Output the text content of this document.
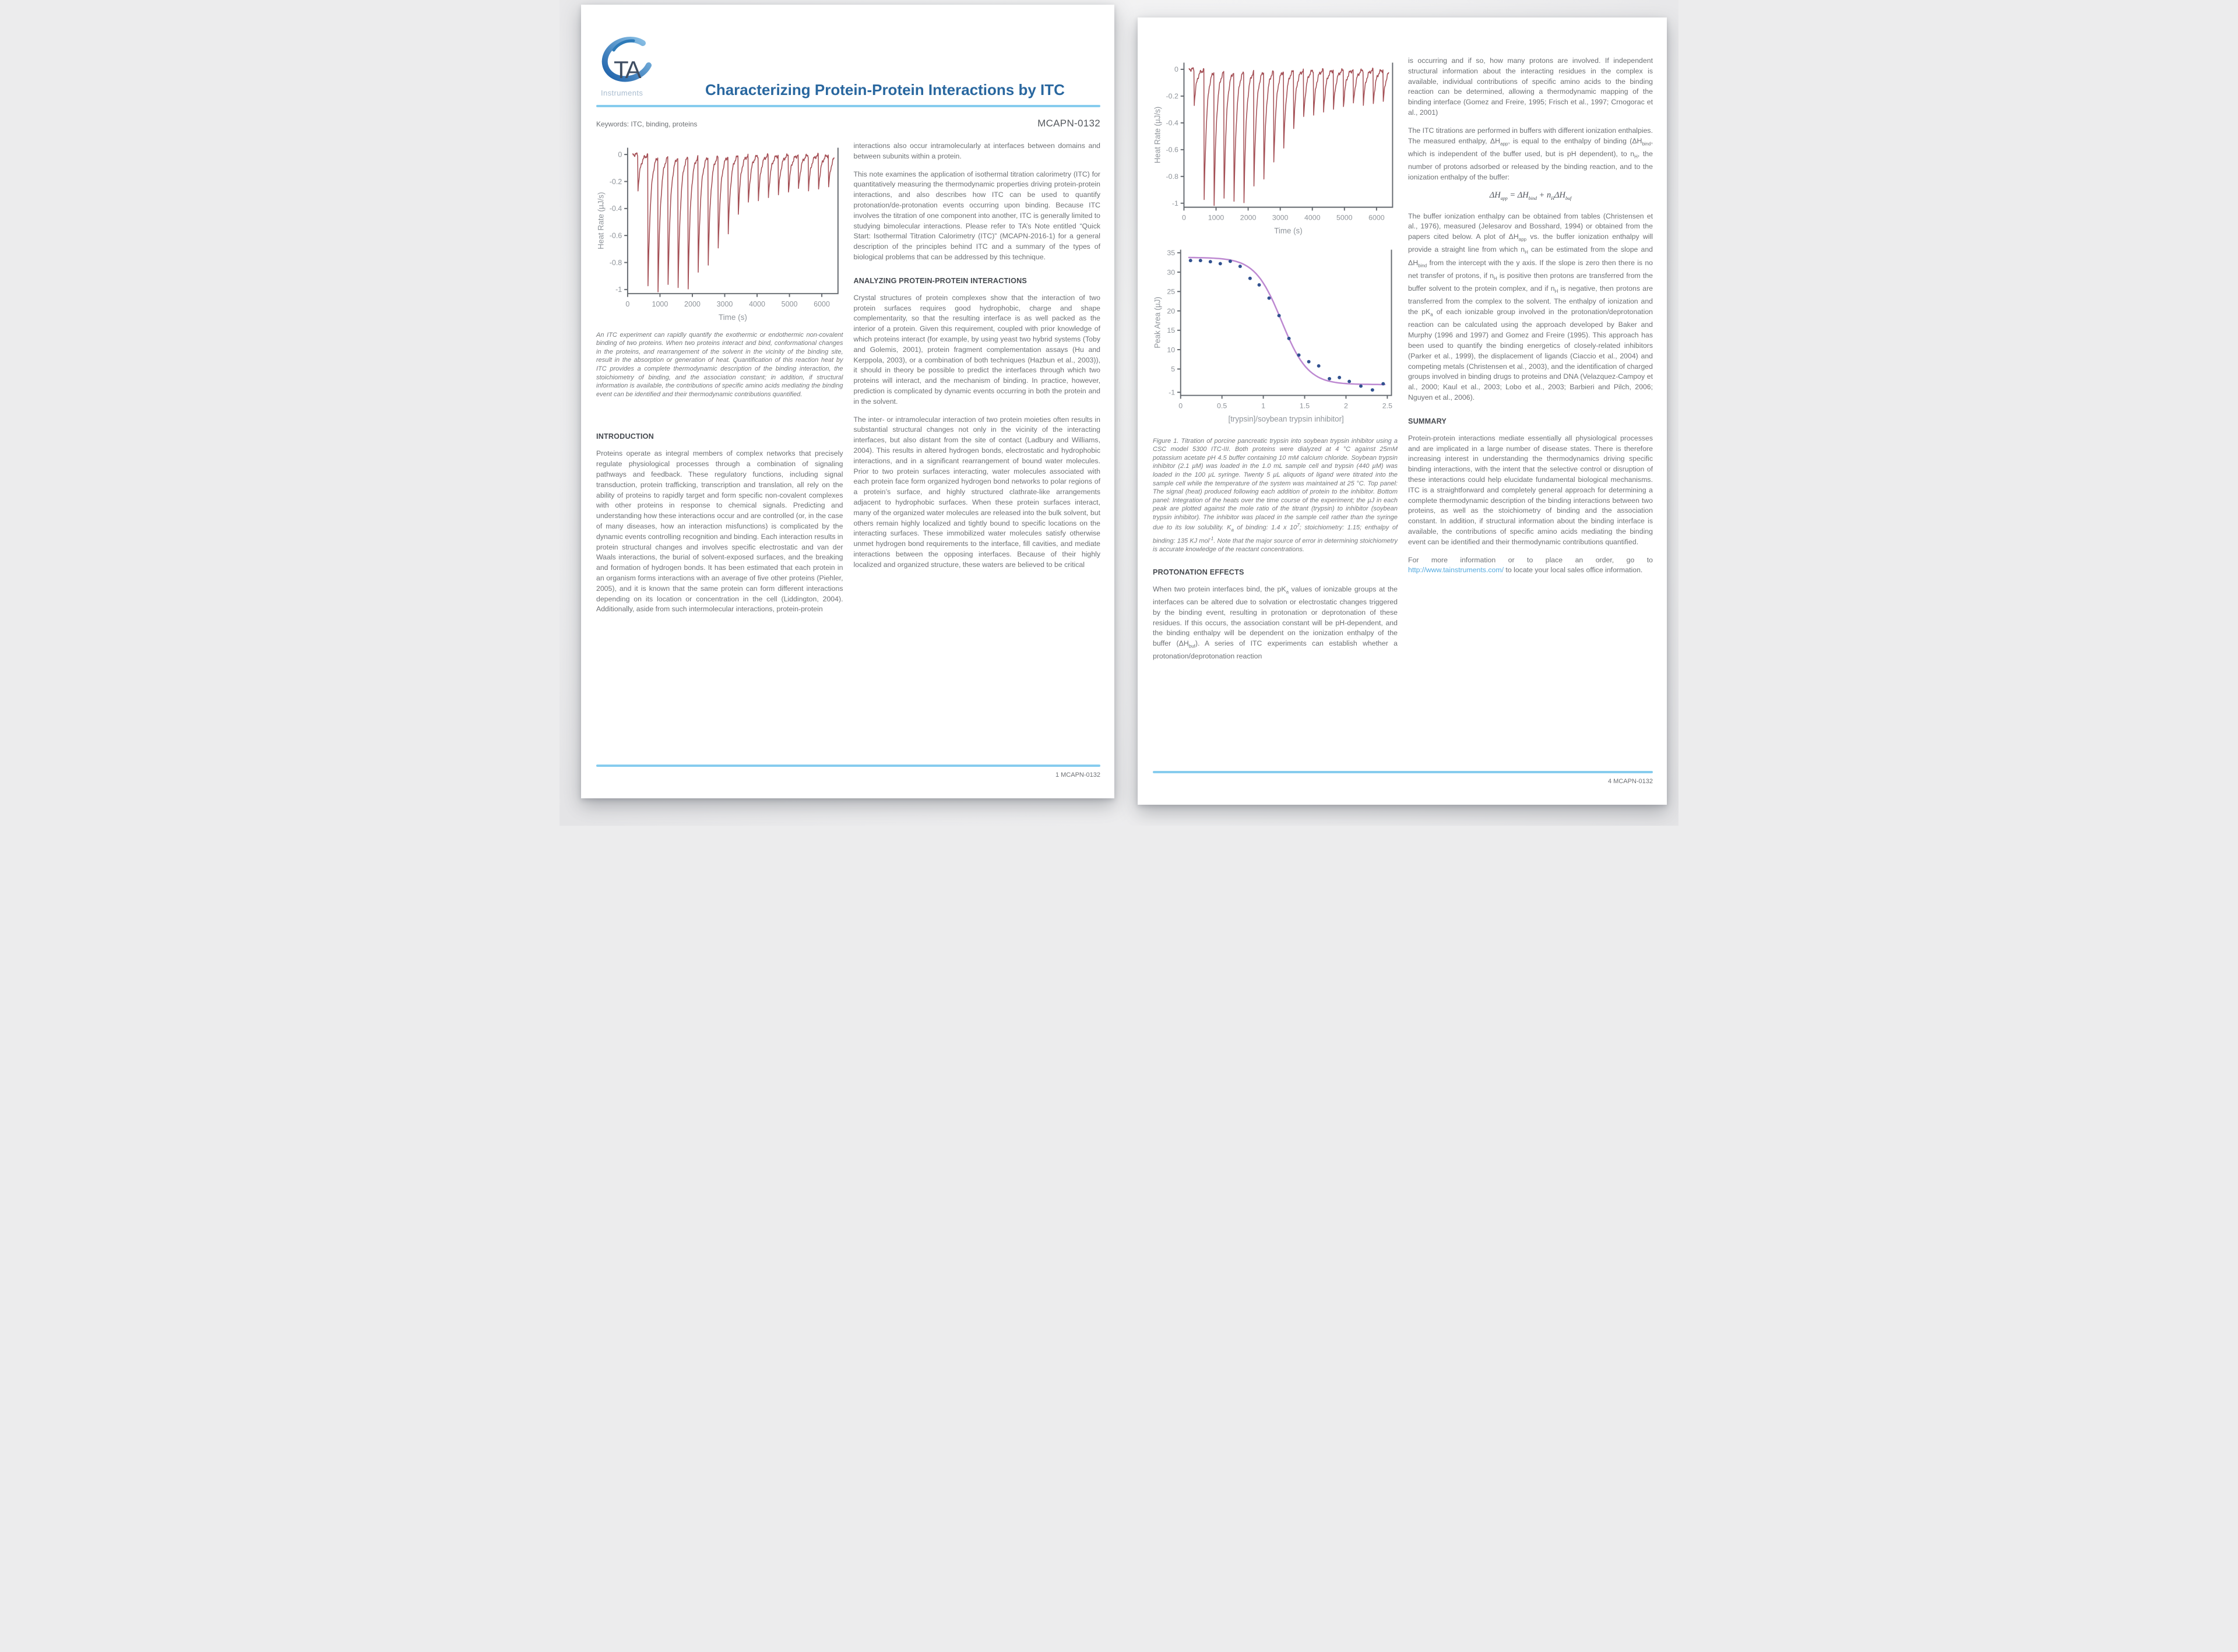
TA
Instruments	Characterizing Protein-Protein Interactions by ITC
Keywords: ITC, binding, proteins	MCAPN-0132
0	1000 2000 3000 4000 5000 6000
0
-0.2
-0.4
-0.6
-0.8
-1
Time (s)
Heat Rate (µJ/s)

An ITC experiment can rapidly quantify the exothermic or endothermic non-covalent binding of two proteins. When two proteins interact and bind, conformational changes in the proteins, and rearrangement of the solvent in the vicinity of the binding site, result in the absorption or generation of heat. Quantification of this reaction heat by ITC provides a complete thermodynamic description of the binding interaction, the stoichiometry of binding, and the association constant; in addition, if structural information is available, the contributions of specific amino acids mediating the binding event can be identified and their thermodynamic contributions quantified.

INTRODUCTION

Proteins operate as integral members of complex networks that precisely regulate physiological processes through a combination of signaling pathways and feedback. These regulatory functions, including signal transduction, protein trafficking, transcription and translation, all rely on the ability of proteins to rapidly target and form specific non-covalent complexes with other proteins in response to chemical signals. Predicting and understanding how these interactions occur and are controlled (or, in the case of many diseases, how an interaction misfunctions) is complicated by the dynamic events controlling recognition and binding. Each interaction results in protein structural changes and involves specific electrostatic and van der Waals interactions, the burial of solvent-exposed surfaces, and the breaking and formation of hydrogen bonds. It has been estimated that each protein in an organism forms interactions with an average of five other proteins (Piehler, 2005), and it is known that the same protein can form different interactions depending on its location or concentration in the cell (Liddington, 2004). Additionally, aside from such intermolecular interactions, protein-protein

interactions also occur intramolecularly at interfaces between domains and between subunits within a protein.

This note examines the application of isothermal titration calorimetry (ITC) for quantitatively measuring the thermodynamic properties driving protein-protein interactions, and also describes how ITC can be used to quantify protonation/de-protonation events occurring upon binding. Because ITC involves the titration of one component into another, ITC is generally limited to studying bimolecular interactions. Please refer to TA’s Note entitled “Quick Start: Isothermal Titration Calorimetry (ITC)” (MCAPN-2016-1) for a general description of the principles behind ITC and a summary of the types of biological problems that can be addressed by this technique.

ANALYZING PROTEIN-PROTEIN INTERACTIONS

Crystal structures of protein complexes show that the interaction of two protein surfaces requires good hydrophobic, charge and shape complementarity, so that the resulting interface is as well packed as the interior of a protein. Given this requirement, coupled with prior knowledge of which proteins interact (for example, by using yeast two hybrid systems (Toby and Golemis, 2001), protein fragment complementation assays (Hu and Kerppola, 2003), or a combination of both techniques (Hazbun et al., 2003)), it should in theory be possible to predict the interfaces through which two proteins will interact, and the mechanism of binding. In practice, however, prediction is complicated by dynamic events occurring in both the protein and in the solvent.

The inter- or intramolecular interaction of two protein moieties often results in substantial structural changes not only in the vicinity of the interacting interfaces, but also distant from the site of contact (Ladbury and Williams, 2004). This results in altered hydrogen bonds, electrostatic and hydrophobic interactions, and in a significant rearrangement of bound water molecules. Prior to two protein surfaces interacting, water molecules associated with each protein face form organized hydrogen bond networks to polar regions of a protein’s surface, and highly structured clathrate-like arrangements adjacent to hydrophobic surfaces. When these protein surfaces interact, many of the organized water molecules are released into the bulk solvent, but others remain highly localized and tightly bound to specific locations on the interacting surfaces. These immobilized water molecules satisfy otherwise unmet hydrogen bond requirements to the interface, fill cavities, and mediate interactions between the opposing interfaces. Because of their highly localized and organized structure, these waters are believed to be critical

1 MCAPN-0132
0	1000 2000 3000 4000 5000 6000
0
-0.2
-0.4
-0.6
-0.8
-1
Time (s)
Heat Rate (µJ/s)
0	0.5	1	1.5	2	2.5
35
30
25
20
15
10
5
-1
[trypsin]/soybean trypsin inhibitor]
Peak Area (µJ)

Figure 1. Titration of porcine pancreatic trypsin into soybean trypsin inhibitor using a CSC model 5300 ITC-III. Both proteins were dialyzed at 4 °C against 25mM potassium acetate pH 4.5 buffer containing 10 mM calcium chloride. Soybean trypsin inhibitor (2.1 µM) was loaded in the 1.0 mL sample cell and trypsin (440 µM) was loaded in the 100 µL syringe. Twenty 5 µL aliquots of ligand were titrated into the sample cell while the temperature of the system was maintained at 25 °C. Top panel: The signal (heat) produced following each addition of protein to the inhibitor. Bottom panel: Integration of the heats over the time course of the experiment; the µJ in each peak are plotted against the mole ratio of the titrant (trypsin) to inhibitor (soybean trypsin inhibitor). The inhibitor was placed in the sample cell rather than the syringe due to its low solubility. $K_a$ of binding: 1.4 x $10^7$; stoichiometry: 1.15; enthalpy of binding: 135 KJ mol$^{-1}$. Note that the major source of error in determining stoichiometry is accurate knowledge of the reactant concentrations.

PROTONATION EFFECTS

When two protein interfaces bind, the $pK_a$ values of ionizable groups at the interfaces can be altered due to solvation or electrostatic changes triggered by the binding event, resulting in protonation or deprotonation of these residues. If this occurs, the association constant will be pH-dependent, and the binding enthalpy will be dependent on the ionization enthalpy of the buffer $(\Delta H_{buf})$. A series of ITC experiments can establish whether a protonation/deprotonation reaction

is occurring and if so, how many protons are involved. If independent structural information about the interacting residues in the complex is available, individual contributions of specific amino acids to the binding reaction can be determined, allowing a thermodynamic mapping of the binding interface (Gomez and Freire, 1995; Frisch et al., 1997; Crnogorac et al., 2001)

The ITC titrations are performed in buffers with different ionization enthalpies. The measured enthalpy, $\Delta H_{app}$, is equal to the enthalpy of binding ($\Delta H_{bind}$, which is independent of the buffer used, but is pH dependent), to $n_H$, the number of protons adsorbed or released by the binding reaction, and to the ionization enthalpy of the buffer:

$\Delta H_{app} = \Delta H_{bind} + n_H\Delta H_{buf}$

The buffer ionization enthalpy can be obtained from tables (Christensen et al., 1976), measured (Jelesarov and Bosshard, 1994) or obtained from the papers cited below. A plot of $\Delta H_{app}$ vs. the buffer ionization enthalpy will provide a straight line from which $n_H$ can be estimated from the slope and $\Delta H_{bind}$ from the intercept with the y axis. If the slope is zero then there is no net transfer of protons, if $n_H$ is positive then protons are transferred from the buffer solvent to the protein complex, and if $n_H$ is negative, then protons are transferred from the complex to the solvent. The enthalpy of ionization and the $pK_a$ of each ionizable group involved in the protonation/deprotonation reaction can be calculated using the approach developed by Baker and Murphy (1996 and 1997) and Gomez and Freire (1995). This approach has been used to quantify the binding energetics of closely-related inhibitors (Parker et al., 1999), the displacement of ligands (Ciaccio et al., 2004) and competing metals (Christensen et al., 2003), and the identification of charged groups involved in binding drugs to proteins and DNA (Velazquez-Campoy et al., 2000; Kaul et al., 2003; Lobo et al., 2003; Barbieri and Pilch, 2006; Nguyen et al., 2006).

SUMMARY

Protein-protein interactions mediate essentially all physiological processes and are implicated in a large number of disease states. There is therefore increasing interest in understanding the thermodynamics driving specific binding interactions, with the intent that the selective control or disruption of these interactions could help elucidate fundamental biological mechanisms. ITC is a straightforward and completely general approach for determining a complete thermodynamic description of the binding interactions between two proteins, as well as the stoichiometry of binding and the association constant. In addition, if structural information about the binding interface is available, the contributions of specific amino acids mediating the binding event can be identified and their thermodynamic contributions quantified.

For more information or to place an order, go to http://www.tainstruments.com/ to locate your local sales office information.

4 MCAPN-0132
